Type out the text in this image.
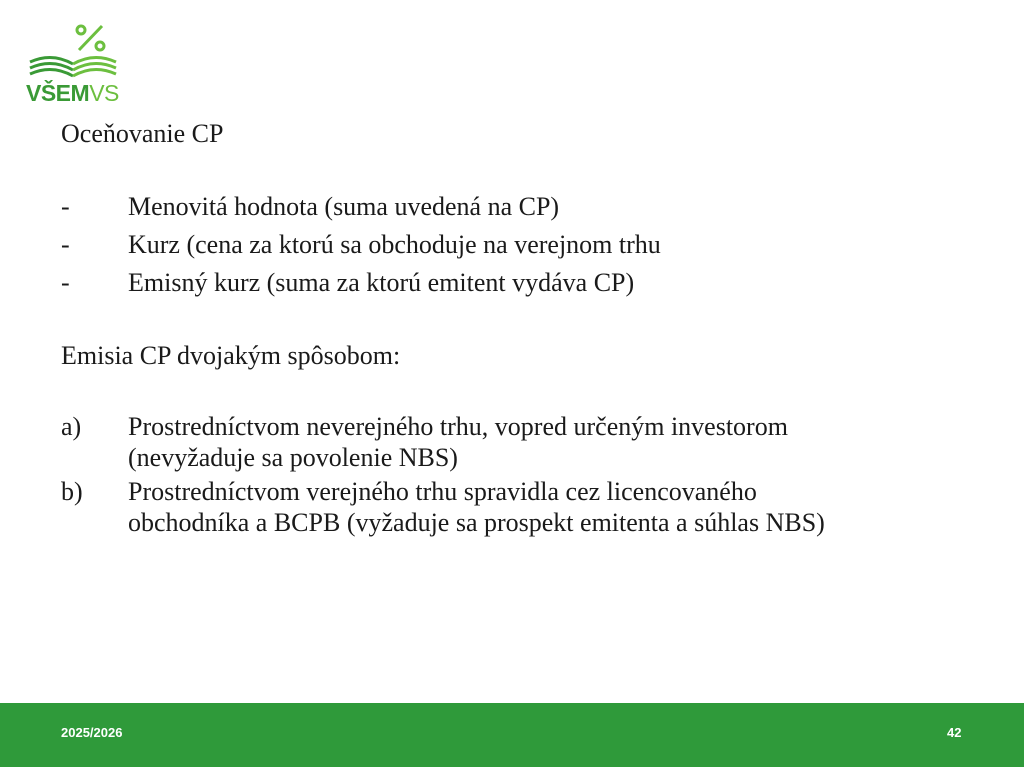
VŠEMVS

Oceňovanie CP

- Menovitá hodnota (suma uvedená na CP)

- Kurz (cena za ktorú sa obchoduje na verejnom trhu

- Emisný kurz (suma za ktorú emitent vydáva CP)

Emisia CP dvojakým spôsobom:

a) Prostredníctvom neverejného trhu, vopred určeným investorom
(nevyžaduje sa povolenie NBS)
b) Prostredníctvom verejného trhu spravidla cez licencovaného
obchodníka a BCPB (vyžaduje sa prospekt emitenta a súhlas NBS)
2025/2026	42
